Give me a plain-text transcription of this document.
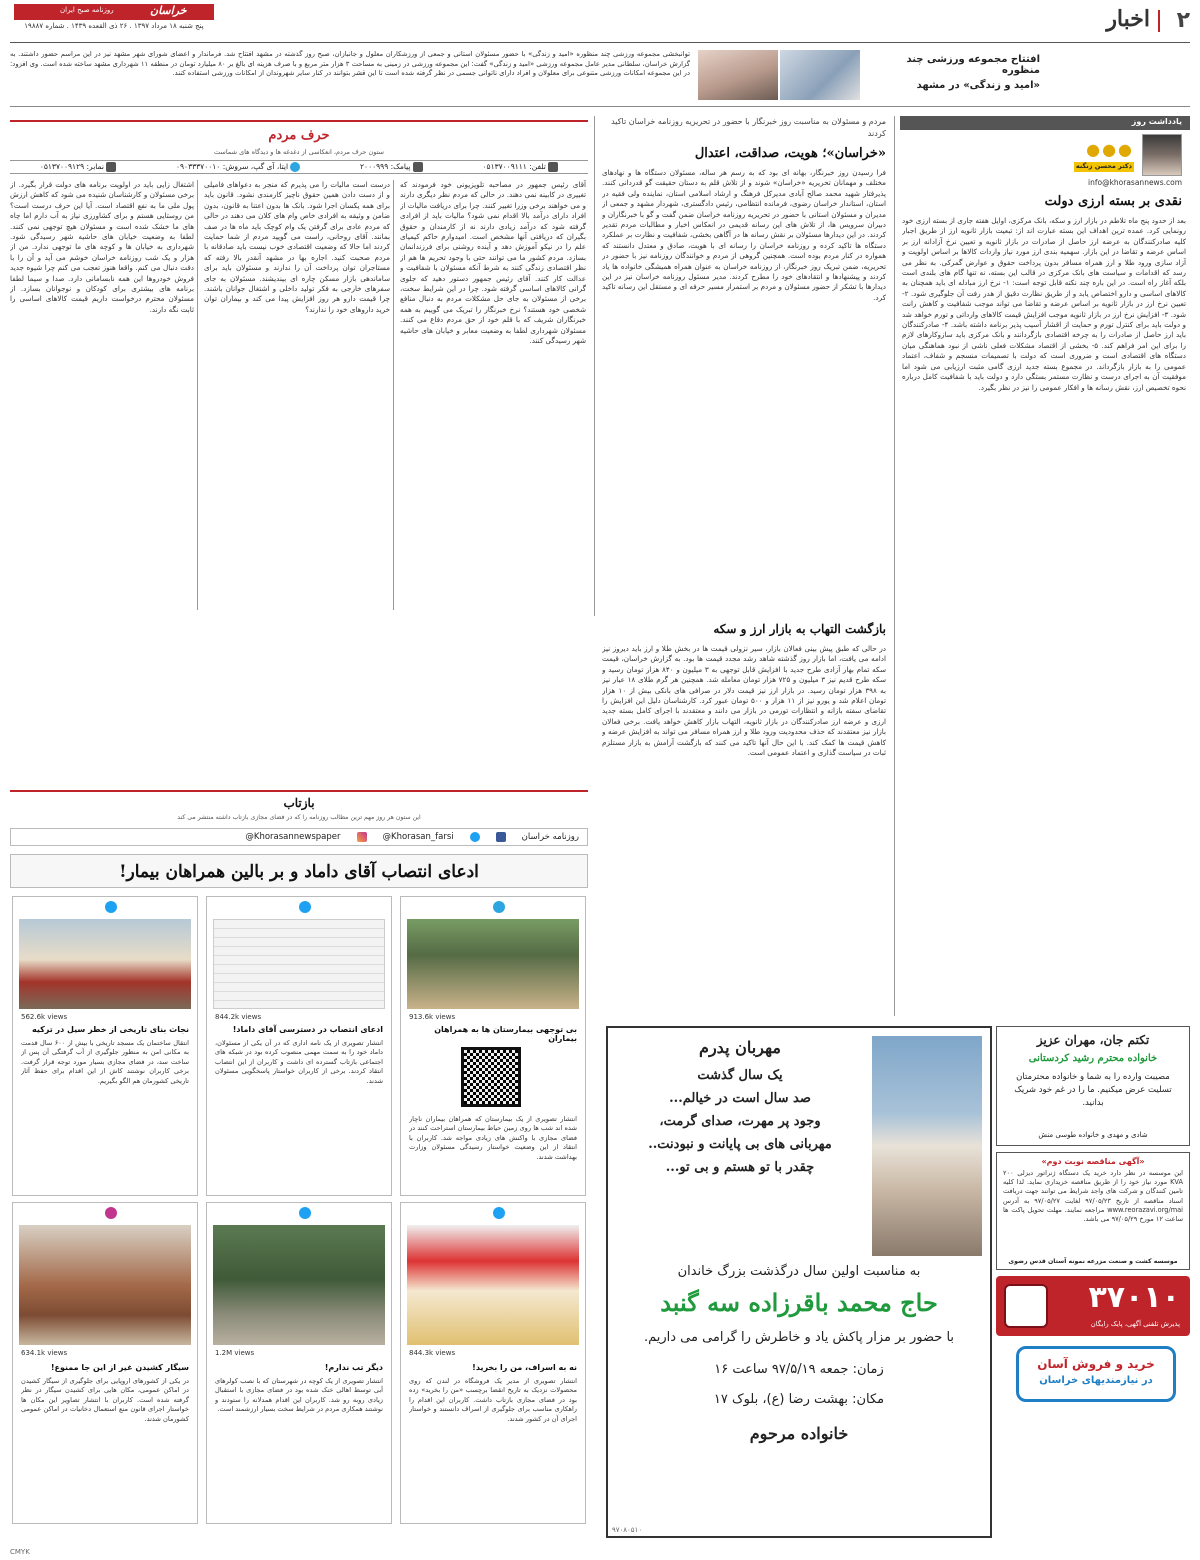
۲
اخبار
خراسان
روزنامه صبح ایران
پنج شنبه ۱۸ مرداد ۱۳۹۷ . ۲۶ ذی القعده ۱۴۳۹ . شماره ۱۹۸۸۷
افتتاح مجموعه ورزشی چند منظوره
«امید و زندگی» در مشهد
توانبخشی مجموعه ورزشی چند منظوره «امید و زندگی» با حضور مسئولان استانی و جمعی از ورزشکاران معلول و جانبازان، صبح روز گذشته در مشهد افتتاح شد. فرماندار و اعضای شورای شهر مشهد نیز در این مراسم حضور داشتند. به گزارش خراسان، سلطانی مدیر عامل مجموعه ورزشی «امید و زندگی» گفت: این مجموعه ورزشی در زمینی به مساحت ۳ هزار متر مربع و با صرف هزینه ای بالغ بر ۸۰ میلیارد تومان در منطقه ۱۱ شهرداری مشهد ساخته شده است. وی افزود: در این مجموعه امکانات ورزشی متنوعی برای معلولان و افراد دارای ناتوانی جسمی در نظر گرفته شده است تا این قشر بتوانند در کنار سایر شهروندان از امکانات ورزشی استفاده کنند.
یادداشت روز
●●●
دکتر محسن زنگنه
info@khorasannews.com
نقدی بر بسته ارزی دولت
بعد از حدود پنج ماه تلاطم در بازار ارز و سکه، بانک مرکزی، اوایل هفته جاری از بسته ارزی خود رونمایی کرد. عمده ترین اهداف این بسته عبارت اند از: تبعیت بازار ثانویه ارز از طریق اجبار کلیه صادرکنندگان به عرضه ارز حاصل از صادرات در بازار ثانویه و تعیین نرخ آزادانه ارز بر اساس عرضه و تقاضا در این بازار. سهمیه بندی ارز مورد نیاز واردات کالاها بر اساس اولویت و آزاد سازی ورود طلا و ارز همراه مسافر بدون پرداخت حقوق و عوارض گمرکی. به نظر می رسد که اقدامات و سیاست های بانک مرکزی در قالب این بسته، نه تنها گام های بلندی است بلکه آغاز راه است. در این باره چند نکته قابل توجه است: ۱- نرخ ارز مبادله ای باید همچنان به کالاهای اساسی و دارو اختصاص یابد و از طریق نظارت دقیق از هدر رفت آن جلوگیری شود. ۲- تعیین نرخ ارز در بازار ثانویه بر اساس عرضه و تقاضا می تواند موجب شفافیت و کاهش رانت شود. ۳- افزایش نرخ ارز در بازار ثانویه موجب افزایش قیمت کالاهای وارداتی و تورم خواهد شد و دولت باید برای کنترل تورم و حمایت از اقشار آسیب پذیر برنامه داشته باشد. ۴- صادرکنندگان باید ارز حاصل از صادرات را به چرخه اقتصادی بازگردانند و بانک مرکزی باید سازوکارهای لازم را برای این امر فراهم کند. ۵- بخشی از اقتصاد مشکلات فعلی ناشی از نبود هماهنگی میان دستگاه های اقتصادی است و ضروری است که دولت با تصمیمات منسجم و شفاف، اعتماد عمومی را به بازار بازگرداند. در مجموع بسته جدید ارزی گامی مثبت ارزیابی می شود اما موفقیت آن به اجرای درست و نظارت مستمر بستگی دارد و دولت باید با شفافیت کامل درباره نحوه تخصیص ارز، نقش رسانه ها و افکار عمومی را نیز در نظر بگیرد.
مردم و مسئولان به مناسبت روز خبرنگار با حضور در تحریریه روزنامه خراسان تاکید کردند
«خراسان»؛ هویت، صداقت، اعتدال
فرا رسیدن روز خبرنگار، بهانه ای بود که به رسم هر ساله، مسئولان دستگاه ها و نهادهای مختلف و مهمانان تحریریه «خراسان» شوند و از تلاش قلم به دستان حقیقت گو قدردانی کنند. پذیرفتار شهید محمد صالح آبادی مدیرکل فرهنگ و ارشاد اسلامی استان، نماینده ولی فقیه در استان، استاندار خراسان رضوی، فرمانده انتظامی، رئیس دادگستری، شهردار مشهد و جمعی از مدیران و مسئولان استانی با حضور در تحریریه روزنامه خراسان ضمن گفت و گو با خبرنگاران و دبیران سرویس ها، از تلاش های این رسانه قدیمی در انعکاس اخبار و مطالبات مردم تقدیر کردند. در این دیدارها مسئولان بر نقش رسانه ها در آگاهی بخشی، شفافیت و نظارت بر عملکرد دستگاه ها تاکید کرده و روزنامه خراسان را رسانه ای با هویت، صادق و معتدل دانستند که همواره در کنار مردم بوده است. همچنین گروهی از مردم و خوانندگان روزنامه نیز با حضور در تحریریه، ضمن تبریک روز خبرنگار، از روزنامه خراسان به عنوان همراه همیشگی خانواده ها یاد کردند و پیشنهادها و انتقادهای خود را مطرح کردند. مدیر مسئول روزنامه خراسان نیز در این دیدارها با تشکر از حضور مسئولان و مردم بر استمرار مسیر حرفه ای و مستقل این رسانه تاکید کرد.
بازگشت التهاب به بازار ارز و سکه
در حالی که طبق پیش بینی فعالان بازار، سیر نزولی قیمت ها در بخش طلا و ارز باید دیروز نیز ادامه می یافت، اما بازار روز گذشته شاهد رشد مجدد قیمت ها بود. به گزارش خراسان، قیمت سکه تمام بهار آزادی طرح جدید با افزایش قابل توجهی به ۳ میلیون و ۸۴۰ هزار تومان رسید و سکه طرح قدیم نیز ۳ میلیون و ۷۲۵ هزار تومان معامله شد. همچنین هر گرم طلای ۱۸ عیار نیز به ۳۹۸ هزار تومان رسید. در بازار ارز نیز قیمت دلار در صرافی های بانکی بیش از ۱۰ هزار تومان اعلام شد و یورو نیز از ۱۱ هزار و ۵۰۰ تومان عبور کرد. کارشناسان دلیل این افزایش را تقاضای سفته بازانه و انتظارات تورمی در بازار می دانند و معتقدند با اجرای کامل بسته جدید ارزی و عرضه ارز صادرکنندگان در بازار ثانویه، التهاب بازار کاهش خواهد یافت. برخی فعالان بازار نیز معتقدند که حذف محدودیت ورود طلا و ارز همراه مسافر می تواند به افزایش عرضه و کاهش قیمت ها کمک کند. با این حال آنها تاکید می کنند که بازگشت آرامش به بازار مستلزم ثبات در سیاست گذاری و اعتماد عمومی است.
حرف مردم
ستون حرف مردم، انعکاسی از دغدغه ها و دیدگاه های شماست
تلفن: ۰۵۱۳۷۰۰۹۱۱۱
پیامک: ۲۰۰۰۹۹۹
ایتا، آی گپ، سروش: ۰۹۰۳۳۳۷۰۰۱۰
نمابر: ۰۵۱۳۷۰۰۹۱۲۹
آقای رئیس جمهور در مصاحبه تلویزیونی خود فرمودند که تغییری در کابینه نمی دهند. در حالی که مردم نظر دیگری دارند و می خواهند برخی وزرا تغییر کنند. چرا برای دریافت مالیات از افراد دارای درآمد بالا اقدام نمی شود؟ مالیات باید از افرادی گرفته شود که درآمد زیادی دارند نه از کارمندان و حقوق بگیران که دریافتی آنها مشخص است. امیدوارم حاکم کیمیای علم را در نیکو آموزش دهد و آینده روشنی برای فرزندانمان بسازد. مردم کشور ما می توانند حتی با وجود تحریم ها هم از نظر اقتصادی زندگی کنند به شرط آنکه مسئولان با شفافیت و عدالت کار کنند. آقای رئیس جمهور دستور دهید که جلوی گرانی کالاهای اساسی گرفته شود. چرا در این شرایط سخت، برخی از مسئولان به جای حل مشکلات مردم به دنبال منافع شخصی خود هستند؟ نرخ خبرنگار را تبریک می گوییم به همه خبرنگاران شریف که با قلم خود از حق مردم دفاع می کنند. مسئولان شهرداری لطفا به وضعیت معابر و خیابان های حاشیه شهر رسیدگی کنند.
درست است مالیات را می پذیرم که منجر به دعواهای فامیلی و از دست دادن همین حقوق ناچیز کارمندی نشود. قانون باید برای همه یکسان اجرا شود. بانک ها بدون اعتنا به قانون، بدون ضامن و وثیقه به افرادی خاص وام های کلان می دهند در حالی که مردم عادی برای گرفتن یک وام کوچک باید ماه ها در صف بمانند. آقای روحانی، راست می گویید مردم از شما حمایت کردند اما حالا که وضعیت اقتصادی خوب نیست باید صادقانه با مردم صحبت کنید. اجاره بها در مشهد آنقدر بالا رفته که مستاجران توان پرداخت آن را ندارند و مسئولان باید برای ساماندهی بازار مسکن چاره ای بیندیشند. مسئولان به جای سفرهای خارجی به فکر تولید داخلی و اشتغال جوانان باشند. چرا قیمت دارو هر روز افزایش پیدا می کند و بیماران توان خرید داروهای خود را ندارند؟
اشتغال زایی باید در اولویت برنامه های دولت قرار بگیرد. از برخی مسئولان و کارشناسان شنیده می شود که کاهش ارزش پول ملی ما به نفع اقتصاد است. آیا این حرف درست است؟ من روستایی هستم و برای کشاورزی نیاز به آب دارم اما چاه های ما خشک شده است و مسئولان هیچ توجهی نمی کنند. لطفا به وضعیت خیابان های حاشیه شهر رسیدگی شود. شهرداری به خیابان ها و کوچه های ما توجهی ندارد. من از هزار و یک شب روزنامه خراسان خوشم می آید و آن را با دقت دنبال می کنم. واقعا هنوز تعجب می کنم چرا شیوه جدید فروش خودروها این همه نابسامانی دارد. صدا و سیما لطفا برنامه های بیشتری برای کودکان و نوجوانان بسازد. از مسئولان محترم درخواست داریم قیمت کالاهای اساسی را ثابت نگه دارند.
بازتاب
این ستون هر روز مهم ترین مطالب روزنامه را که در فضای مجازی بازتاب داشته منتشر می کند
روزنامه خراسان
@Khorasan_farsi
@Khorasannewspaper
ادعای انتصاب آقای داماد و بر بالین همراهان بیمار!
913.6k views
بی توجهی بیمارستان ها به همراهان بیماران
انتشار تصویری از یک بیمارستان که همراهان بیماران ناچار شده اند شب ها روی زمین حیاط بیمارستان استراحت کنند در فضای مجازی با واکنش های زیادی مواجه شد. کاربران با انتقاد از این وضعیت خواستار رسیدگی مسئولان وزارت بهداشت شدند.
844.2k views
ادعای انتصاب در دسترسی آقای داماد!
انتشار تصویری از یک نامه اداری که در آن یکی از مسئولان، داماد خود را به سمت مهمی منصوب کرده بود در شبکه های اجتماعی بازتاب گسترده ای داشت و کاربران از این انتصاب انتقاد کردند. برخی از کاربران خواستار پاسخگویی مسئولان شدند.
562.6k views
نجات بنای تاریخی از خطر سیل در ترکیه
انتقال ساختمان یک مسجد تاریخی با بیش از ۶۰۰ سال قدمت به مکانی امن به منظور جلوگیری از آب گرفتگی آن پس از ساخت سد، در فضای مجازی بسیار مورد توجه قرار گرفت. برخی کاربران نوشتند کاش از این اقدام برای حفظ آثار تاریخی کشورمان هم الگو بگیریم.
844.3k views
نه به اسراف، من را بخرید!
انتشار تصویری از مدیر یک فروشگاه در لندن که روی محصولات نزدیک به تاریخ انقضا برچسب «من را بخرید» زده بود در فضای مجازی بازتاب داشت. کاربران این اقدام را راهکاری مناسب برای جلوگیری از اسراف دانستند و خواستار اجرای آن در کشور شدند.
1.2M views
دیگر تب ندارم!
انتشار تصویری از یک کوچه در شهرستان که با نصب کولرهای آبی توسط اهالی خنک شده بود در فضای مجازی با استقبال زیادی روبه رو شد. کاربران این اقدام همدلانه را ستودند و نوشتند همکاری مردم در شرایط سخت بسیار ارزشمند است.
634.1k views
سیگار کشیدن غیر از این جا ممنوع!
در یکی از کشورهای اروپایی برای جلوگیری از سیگار کشیدن در اماکن عمومی، مکان هایی برای کشیدن سیگار در نظر گرفته شده است. کاربران با انتشار تصاویر این مکان ها خواستار اجرای قانون منع استعمال دخانیات در اماکن عمومی کشورمان شدند.
مهربان پدرم
یک سال گذشت
صد سال است در خیالم...
وجود پر مهرت، صدای گرمت،
مهربانی های بی پایانت و نبودنت..
چقدر با تو هستم و بی تو...
به مناسبت اولین سال درگذشت بزرگ خاندان
حاج محمد باقرزاده سه گنبد
با حضور بر مزار پاکش یاد و خاطرش را گرامی می داریم.
زمان: جمعه ۹۷/۵/۱۹ ساعت ۱۶
مکان: بهشت رضا (ع)، بلوک ۱۷
خانواده مرحوم
۹۷۰۸۰۵۱۰
تکتم جان، مهران عزیز
خانواده محترم رشید کردستانی
مصیبت وارده را به شما و خانواده محترمتان تسلیت عرض میکنیم. ما را در غم خود شریک بدانید.
شادی و مهدی و خانواده طوسی منش
«آگهی مناقصه نوبت دوم»
این موسسه در نظر دارد خرید یک دستگاه ژنراتور دیزلی ۲۰۰ KVA مورد نیاز خود را از طریق مناقصه خریداری نماید. لذا کلیه تامین کنندگان و شرکت های واجد شرایط می توانند جهت دریافت اسناد مناقصه از تاریخ ۹۷/۰۵/۲۳ لغایت ۹۷/۰۵/۲۷ به آدرس www.reorazavi.org/mai مراجعه نمایند. مهلت تحویل پاکت ها ساعت ۱۲ مورخ ۹۷/۰۵/۲۹ می باشد.
موسسه کشت و صنعت مزرعه نمونه آستان قدس رضوی
۳۷۰۱۰
پذیرش تلفنی آگهی، پایک رایگان
خرید و فروش آسان
در نیازمندیهای خراسان
CMYK
